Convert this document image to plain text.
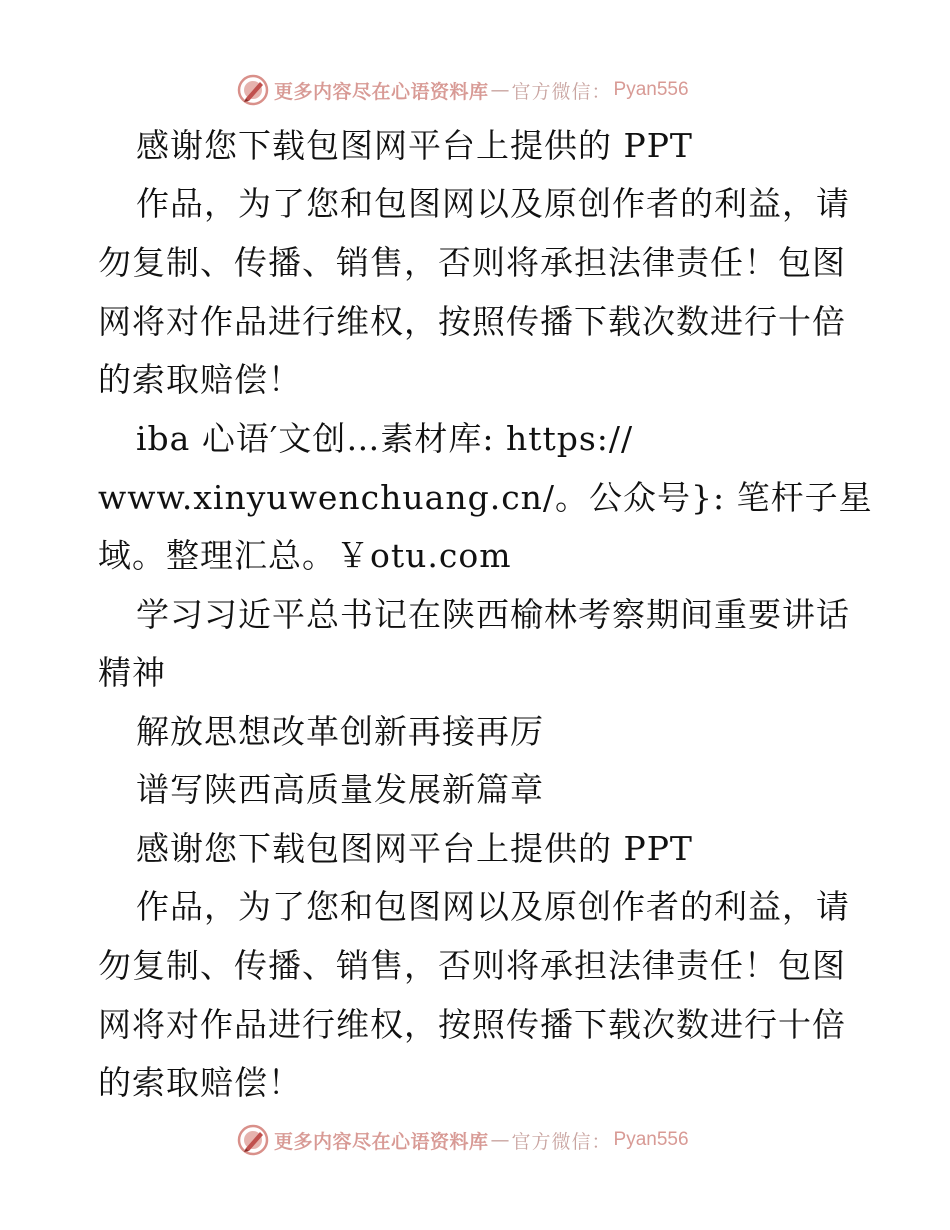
更多内容尽在心语资料库 — 官方微信： Pyan556
感谢您下载包图网平台上提供的 PPT
作品，为了您和包图网以及原创作者的利益，请
勿复制、传播、销售，否则将承担法律责任！包图
网将对作品进行维权，按照传播下载次数进行十倍
的索取赔偿！
iba 心语′文创…素材库: https://
www.xinyuwenchuang.cn/。公众号}: 笔杆子星
域。整理汇总。￥otu.com
学习习近平总书记在陕西榆林考察期间重要讲话
精神
解放思想改革创新再接再厉
谱写陕西高质量发展新篇章
感谢您下载包图网平台上提供的 PPT
作品，为了您和包图网以及原创作者的利益，请
勿复制、传播、销售，否则将承担法律责任！包图
网将对作品进行维权，按照传播下载次数进行十倍
的索取赔偿！
更多内容尽在心语资料库 — 官方微信： Pyan556
